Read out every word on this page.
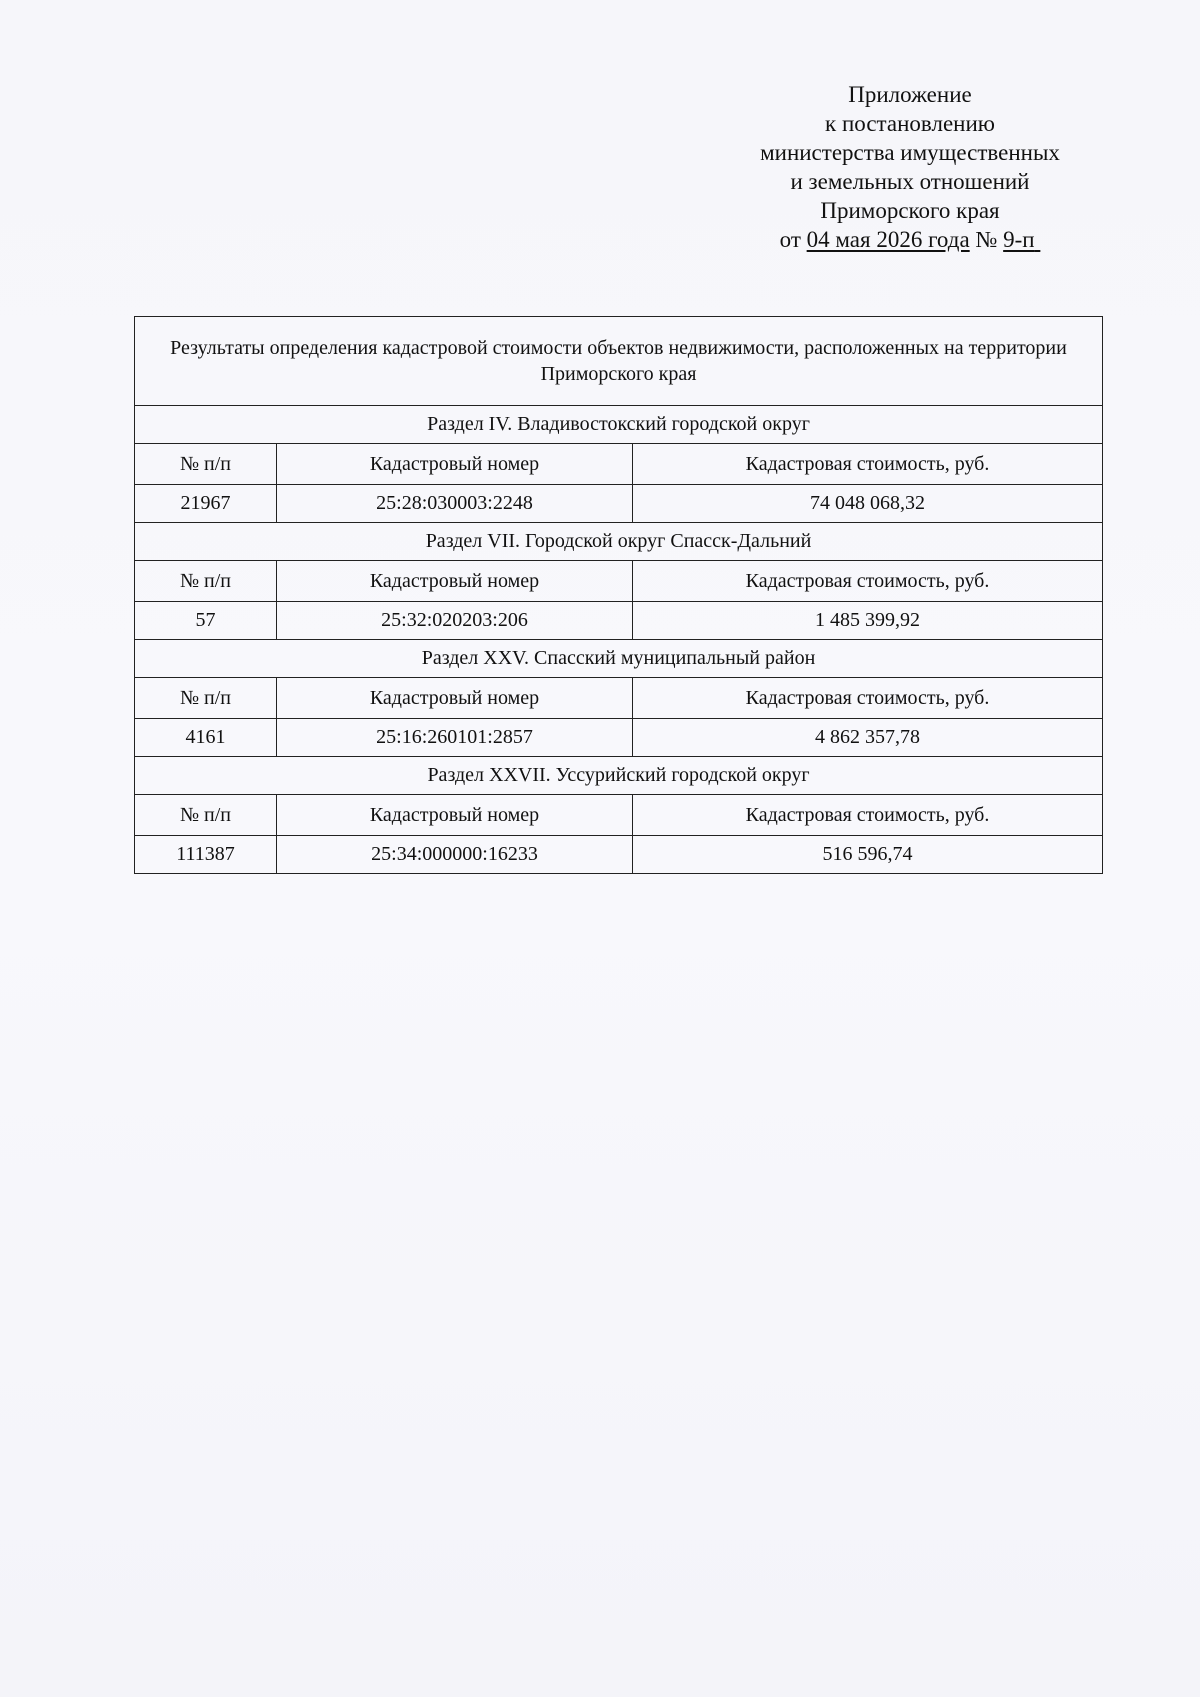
Приложение
к постановлению
министерства имущественных
и земельных отношений
Приморского края
от 04 мая 2026 года № 9-п
Результаты определения кадастровой стоимости объектов недвижимости, расположенных на территории Приморского края		
Раздел IV. Владивостокский городской округ		
№ п/п	Кадастровый номер	Кадастровая стоимость, руб.
21967	25:28:030003:2248	74 048 068,32
Раздел VII. Городской округ Спасск-Дальний		
№ п/п	Кадастровый номер	Кадастровая стоимость, руб.
57	25:32:020203:206	1 485 399,92
Раздел XXV. Спасский муниципальный район		
№ п/п	Кадастровый номер	Кадастровая стоимость, руб.
4161	25:16:260101:2857	4 862 357,78
Раздел XXVII. Уссурийский городской округ		
№ п/п	Кадастровый номер	Кадастровая стоимость, руб.
111387	25:34:000000:16233	516 596,74
